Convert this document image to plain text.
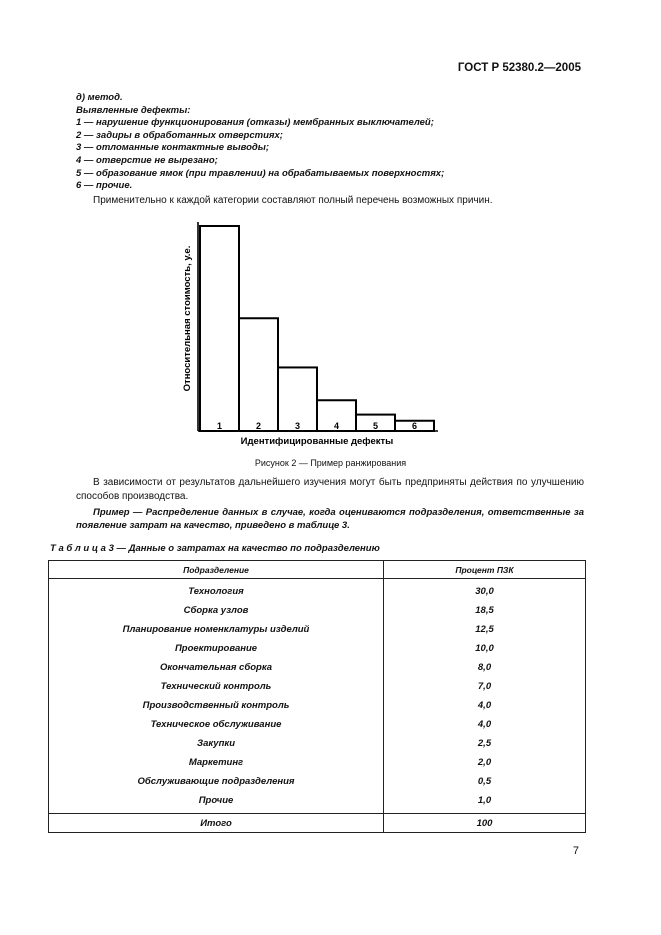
ГОСТ Р 52380.2—2005
д) метод.
Выявленные дефекты:
1 — нарушение функционирования (отказы) мембранных выключателей;
2 — задиры в обработанных отверстиях;
3 — отломанные контактные выводы;
4 — отверстие не вырезано;
5 — образование ямок (при травлении) на обрабатываемых поверхностях;
6 — прочие.
Применительно к каждой категории составляют полный перечень возможных причин.
1	2	3	4	5	6
Относительная стоимость, у.е.
Идентифицированные дефекты
Рисунок 2 — Пример ранжирования
В зависимости от результатов дальнейшего изучения могут быть предприняты действия по улучшению способов производства.
Пример — Распределение данных в случае, когда оцениваются подразделения, ответственные за появление затрат на качество, приведено в таблице 3.
Т а б л и ц а 3 — Данные о затратах на качество по подразделению
Подразделение	Процент ПЗК
Технология	30,0
Сборка узлов	18,5
Планирование номенклатуры изделий	12,5
Проектирование	10,0
Окончательная сборка	8,0
Технический контроль	7,0
Производственный контроль	4,0
Техническое обслуживание	4,0
Закупки	2,5
Маркетинг	2,0
Обслуживающие подразделения	0,5
Прочие	1,0
Итого	100
7
